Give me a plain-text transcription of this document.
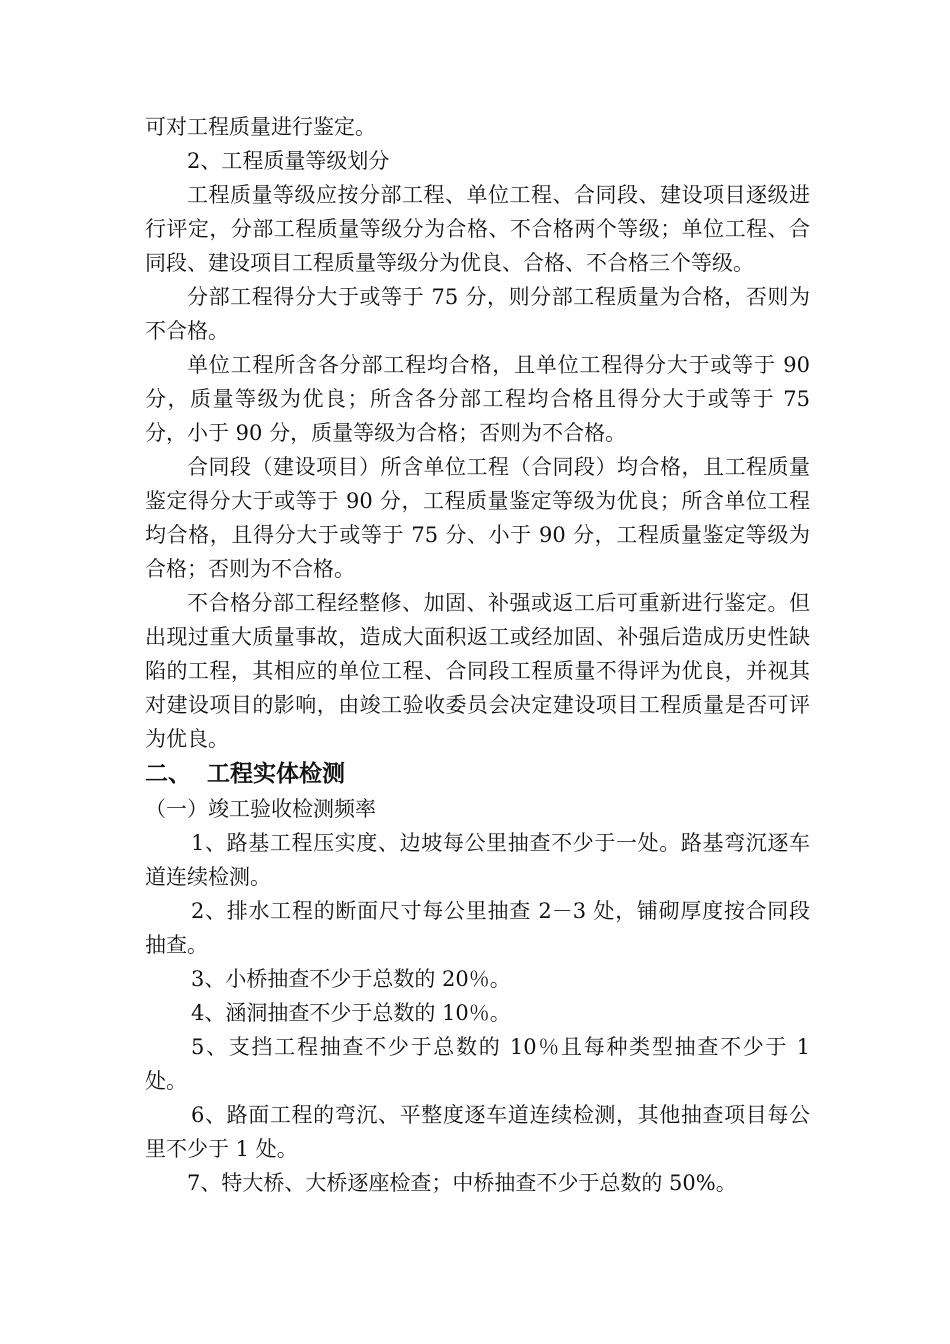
可对工程质量进行鉴定。

2、工程质量等级划分

工程质量等级应按分部工程、单位工程、合同段、建设项目逐级进行评定，分部工程质量等级分为合格、不合格两个等级；单位工程、合同段、建设项目工程质量等级分为优良、合格、不合格三个等级。

分部工程得分大于或等于 75 分，则分部工程质量为合格，否则为不合格。

单位工程所含各分部工程均合格，且单位工程得分大于或等于 90 分，质量等级为优良；所含各分部工程均合格且得分大于或等于 75 分，小于 90 分，质量等级为合格；否则为不合格。

合同段（建设项目）所含单位工程（合同段）均合格，且工程质量鉴定得分大于或等于 90 分，工程质量鉴定等级为优良；所含单位工程均合格，且得分大于或等于 75 分、小于 90 分，工程质量鉴定等级为合格；否则为不合格。

不合格分部工程经整修、加固、补强或返工后可重新进行鉴定。但出现过重大质量事故，造成大面积返工或经加固、补强后造成历史性缺陷的工程，其相应的单位工程、合同段工程质量不得评为优良，并视其对建设项目的影响，由竣工验收委员会决定建设项目工程质量是否可评为优良。

二、 工程实体检测

（一）竣工验收检测频率

1、路基工程压实度、边坡每公里抽查不少于一处。路基弯沉逐车道连续检测。

2、排水工程的断面尺寸每公里抽查 2－3 处，铺砌厚度按合同段抽查。

3、小桥抽查不少于总数的 20％。

4、涵洞抽查不少于总数的 10％。

5、支挡工程抽查不少于总数的 10％且每种类型抽查不少于 1 处。

6、路面工程的弯沉、平整度逐车道连续检测，其他抽查项目每公里不少于 1 处。

7、特大桥、大桥逐座检查；中桥抽查不少于总数的 50%。
